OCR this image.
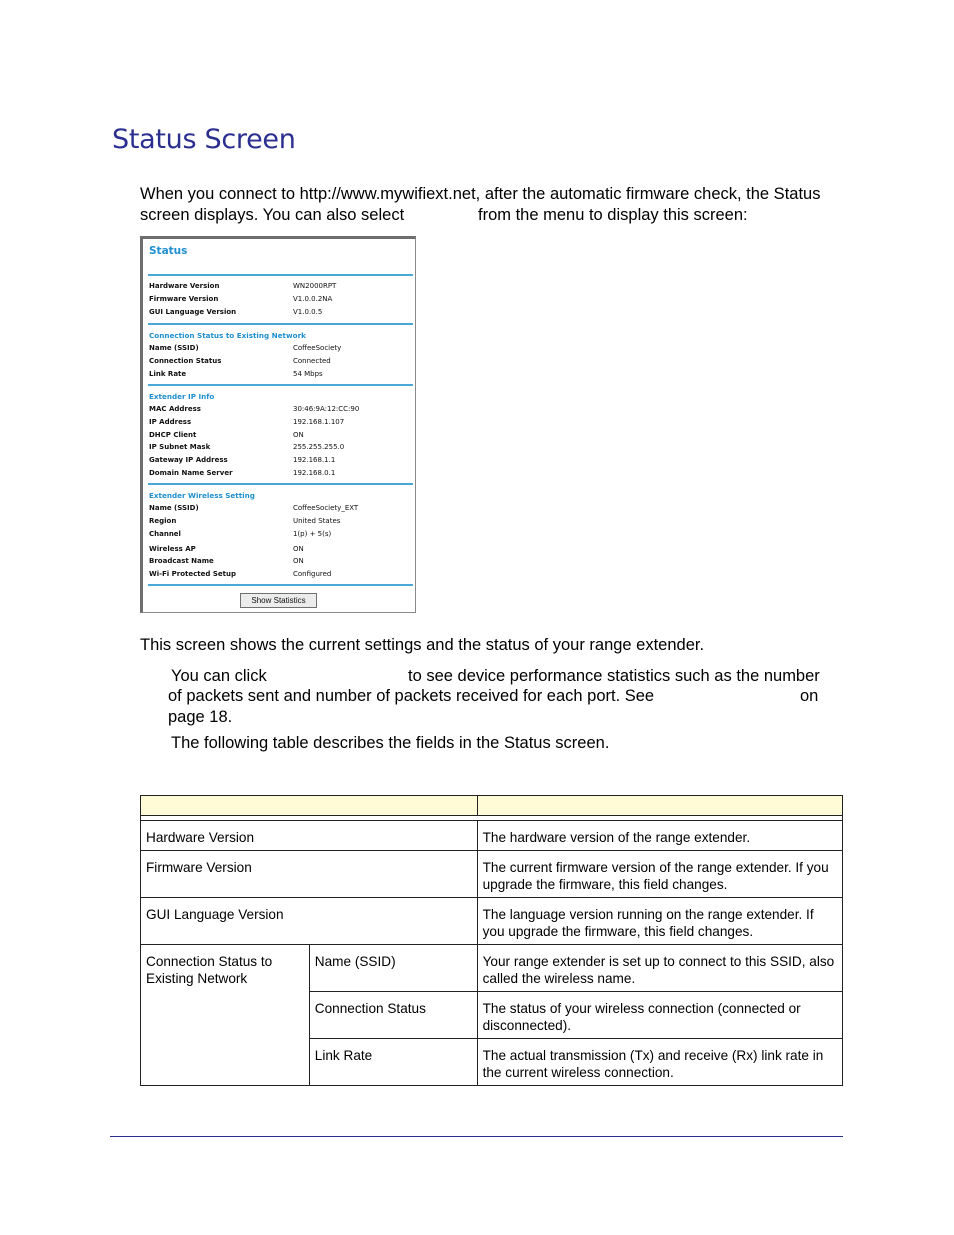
Status Screen
When you connect to http://www.mywifiext.net, after the automatic firmware check, the Status
screen displays. You can also select	from the menu to display this screen:
Status
Hardware Version	WN2000RPT
Firmware Version	V1.0.0.2NA
GUI Language Version	V1.0.0.5
Connection Status to Existing Network
Name (SSID)	CoffeeSociety
Connection Status	Connected
Link Rate	54 Mbps
Extender IP Info
MAC Address	30:46:9A:12:CC:90
IP Address	192.168.1.107
DHCP Client	ON
IP Subnet Mask	255.255.255.0
Gateway IP Address	192.168.1.1
Domain Name Server	192.168.0.1
Extender Wireless Setting
Name (SSID)	CoffeeSociety_EXT
Region	United States
Channel	1(p) + 5(s)
Wireless AP	ON
Broadcast Name	ON
Wi-Fi Protected Setup	Configured
Show Statistics
This screen shows the current settings and the status of your range extender.
You can click	to see device performance statistics such as the number
of packets sent and number of packets received for each port. See	on
page 18.
The following table describes the fields in the Status screen.

Hardware Version		The hardware version of the range extender.
Firmware Version		The current firmware version of the range extender. If you upgrade the firmware, this field changes.
GUI Language Version		The language version running on the range extender. If you upgrade the firmware, this field changes.
Connection Status to Existing Network	Name (SSID)	Your range extender is set up to connect to this SSID, also called the wireless name.
	Connection Status	The status of your wireless connection (connected or disconnected).
	Link Rate	The actual transmission (Tx) and receive (Rx) link rate in the current wireless connection.
